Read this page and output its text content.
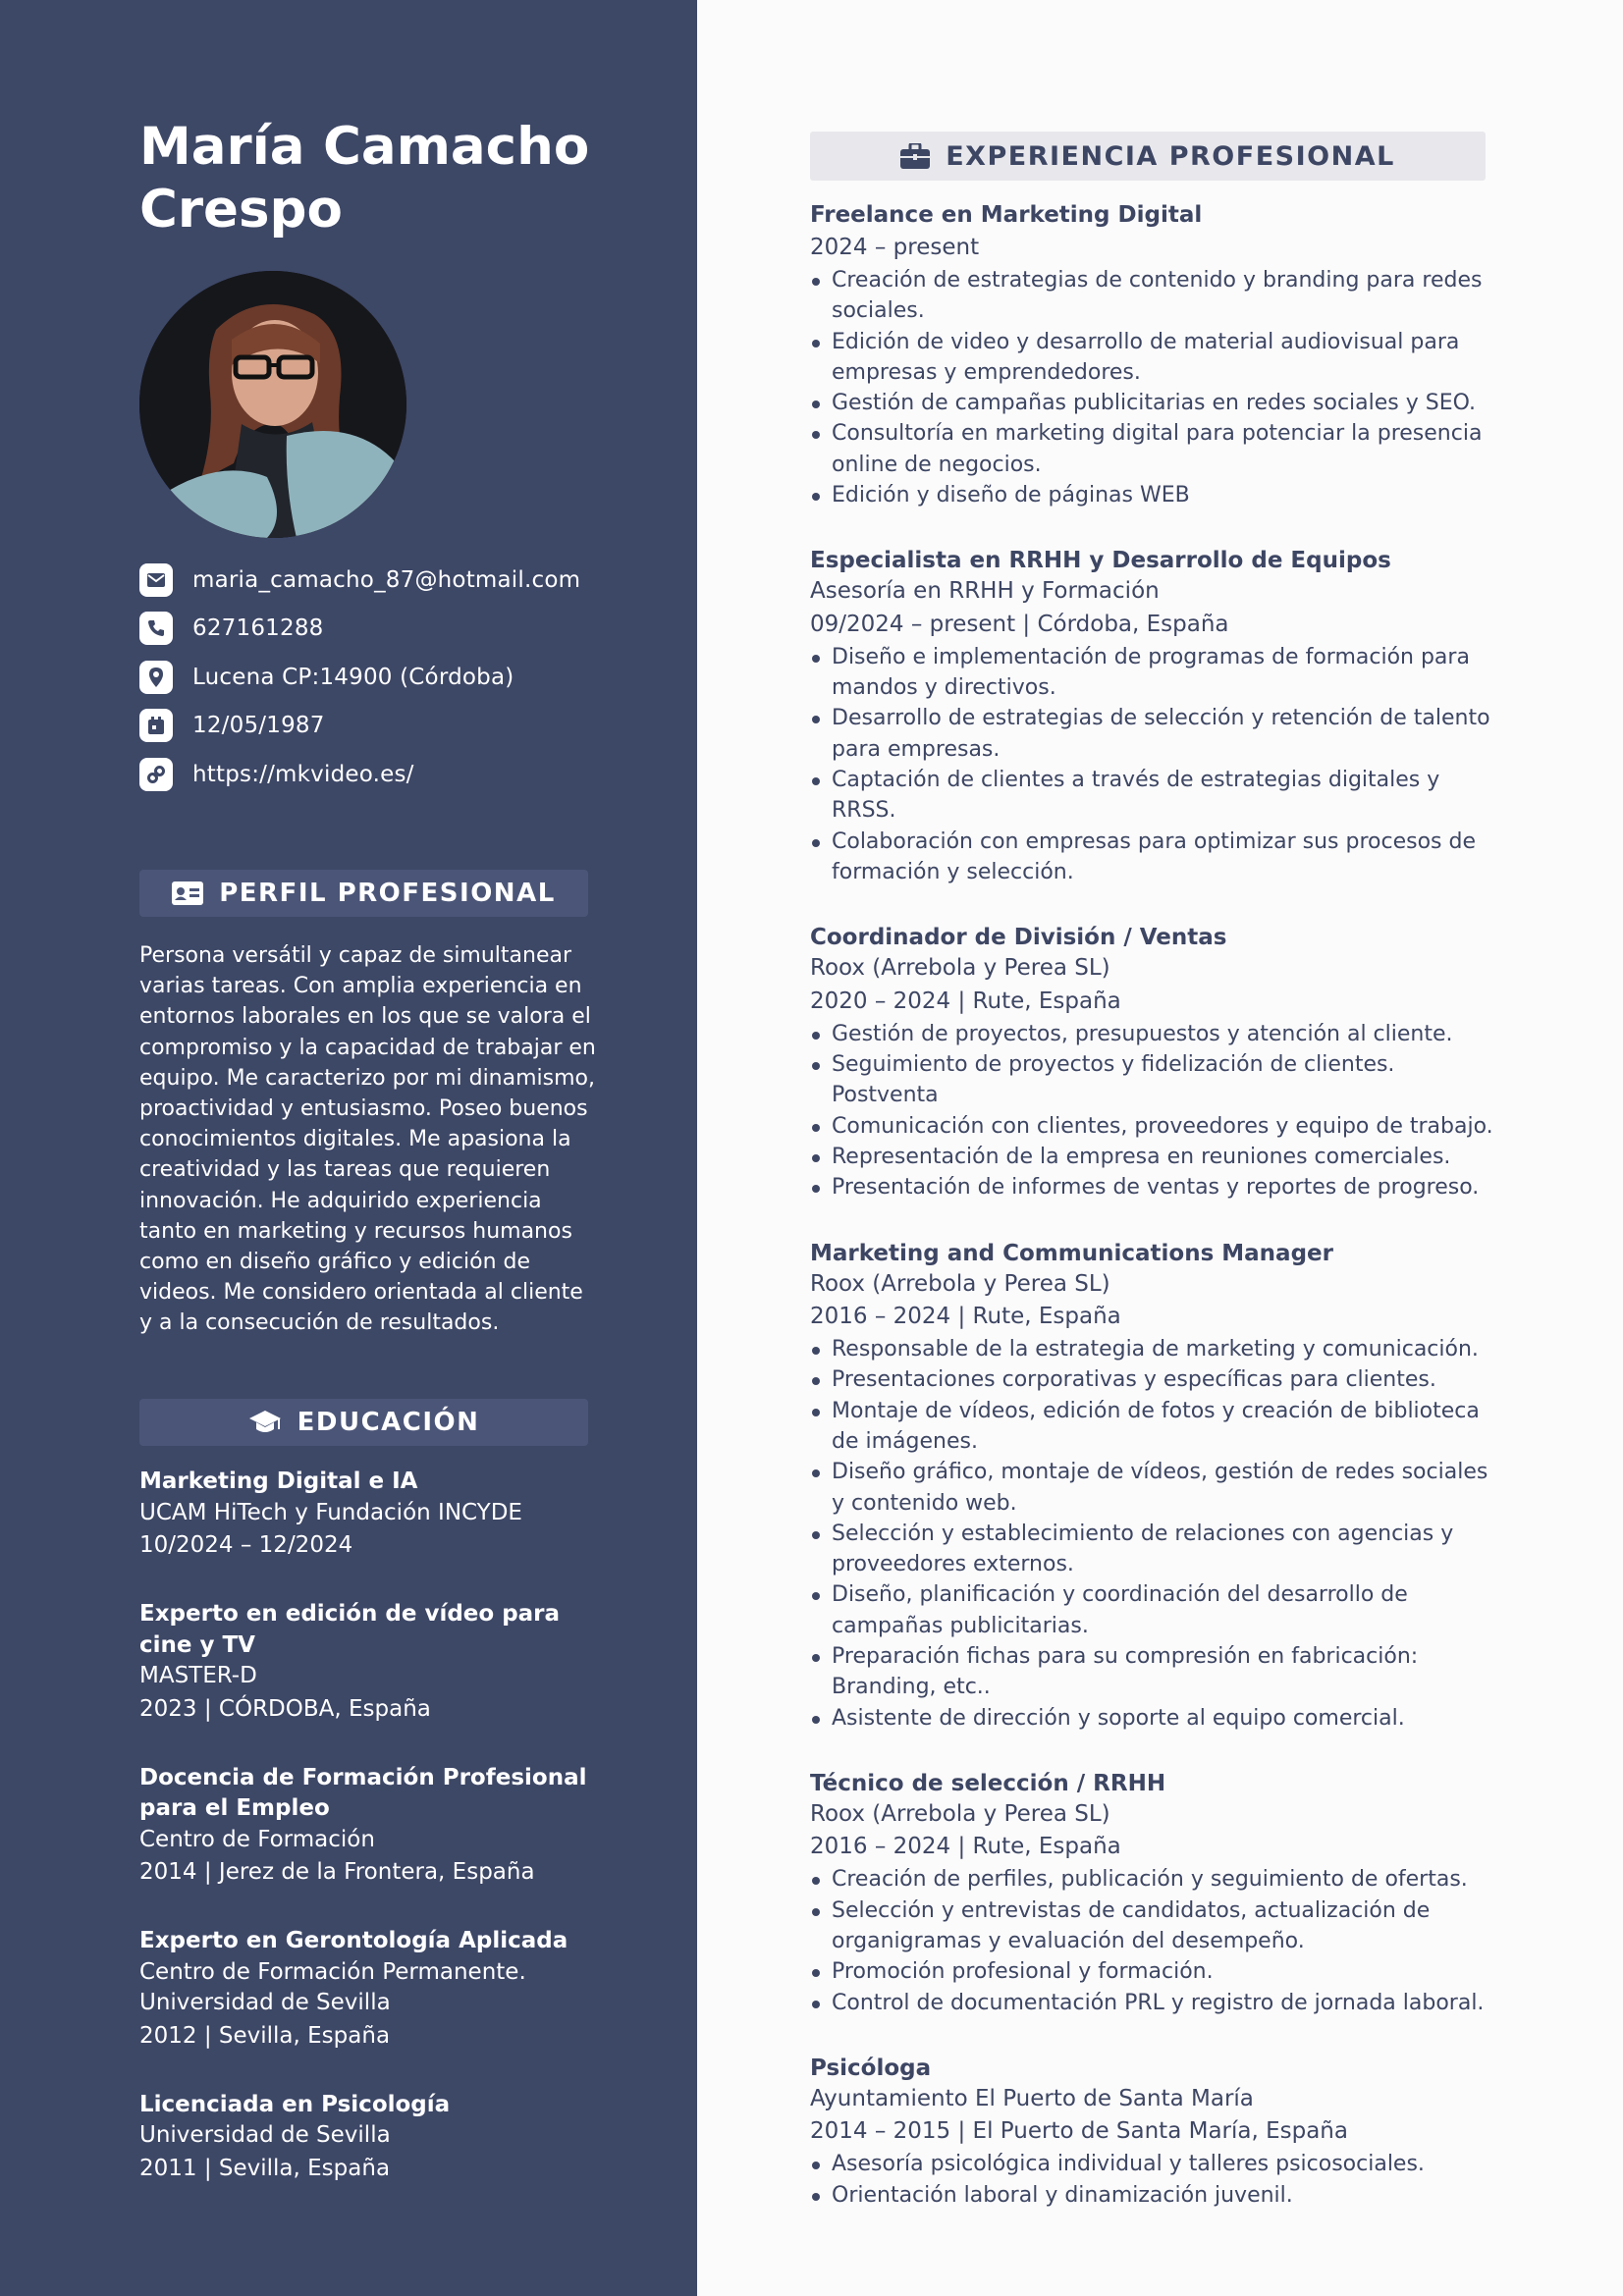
María Camacho Crespo
maria_camacho_87@hotmail.com
627161288
Lucena CP:14900 (Córdoba)
12/05/1987
https://mkvideo.es/
PERFIL PROFESIONAL

Persona versátil y capaz de simultanear varias tareas. Con amplia experiencia en entornos laborales en los que se valora el compromiso y la capacidad de trabajar en equipo. Me caracterizo por mi dinamismo, proactividad y entusiasmo. Poseo buenos conocimientos digitales. Me apasiona la creatividad y las tareas que requieren innovación. He adquirido experiencia tanto en marketing y recursos humanos como en diseño gráfico y edición de videos. Me considero orientada al cliente y a la consecución de resultados.

EDUCACIÓN
Marketing Digital e IA
UCAM HiTech y Fundación INCYDE
10/2024 – 12/2024
Experto en edición de vídeo para cine y TV
MASTER-D
2023 | CÓRDOBA, España
Docencia de Formación Profesional para el Empleo
Centro de Formación
2014 | Jerez de la Frontera, España
Experto en Gerontología Aplicada
Centro de Formación Permanente. Universidad de Sevilla
2012 | Sevilla, España
Licenciada en Psicología
Universidad de Sevilla
2011 | Sevilla, España
EXPERIENCIA PROFESIONAL
Freelance en Marketing Digital
2024 – present
Creación de estrategias de contenido y branding para redes sociales.
Edición de video y desarrollo de material audiovisual para empresas y emprendedores.
Gestión de campañas publicitarias en redes sociales y SEO.
Consultoría en marketing digital para potenciar la presencia online de negocios.
Edición y diseño de páginas WEB
Especialista en RRHH y Desarrollo de Equipos
Asesoría en RRHH y Formación
09/2024 – present | Córdoba, España
Diseño e implementación de programas de formación para mandos y directivos.
Desarrollo de estrategias de selección y retención de talento para empresas.
Captación de clientes a través de estrategias digitales y RRSS.
Colaboración con empresas para optimizar sus procesos de formación y selección.
Coordinador de División / Ventas
Roox (Arrebola y Perea SL)
2020 – 2024 | Rute, España
Gestión de proyectos, presupuestos y atención al cliente.
Seguimiento de proyectos y fidelización de clientes. Postventa
Comunicación con clientes, proveedores y equipo de trabajo.
Representación de la empresa en reuniones comerciales.
Presentación de informes de ventas y reportes de progreso.
Marketing and Communications Manager
Roox (Arrebola y Perea SL)
2016 – 2024 | Rute, España
Responsable de la estrategia de marketing y comunicación.
Presentaciones corporativas y específicas para clientes.
Montaje de vídeos, edición de fotos y creación de biblioteca de imágenes.
Diseño gráfico, montaje de vídeos, gestión de redes sociales y contenido web.
Selección y establecimiento de relaciones con agencias y proveedores externos.
Diseño, planificación y coordinación del desarrollo de campañas publicitarias.
Preparación fichas para su compresión en fabricación: Branding, etc..
Asistente de dirección y soporte al equipo comercial.
Técnico de selección / RRHH
Roox (Arrebola y Perea SL)
2016 – 2024 | Rute, España
Creación de perfiles, publicación y seguimiento de ofertas.
Selección y entrevistas de candidatos, actualización de organigramas y evaluación del desempeño.
Promoción profesional y formación.
Control de documentación PRL y registro de jornada laboral.
Psicóloga
Ayuntamiento El Puerto de Santa María
2014 – 2015 | El Puerto de Santa María, España
Asesoría psicológica individual y talleres psicosociales.
Orientación laboral y dinamización juvenil.
